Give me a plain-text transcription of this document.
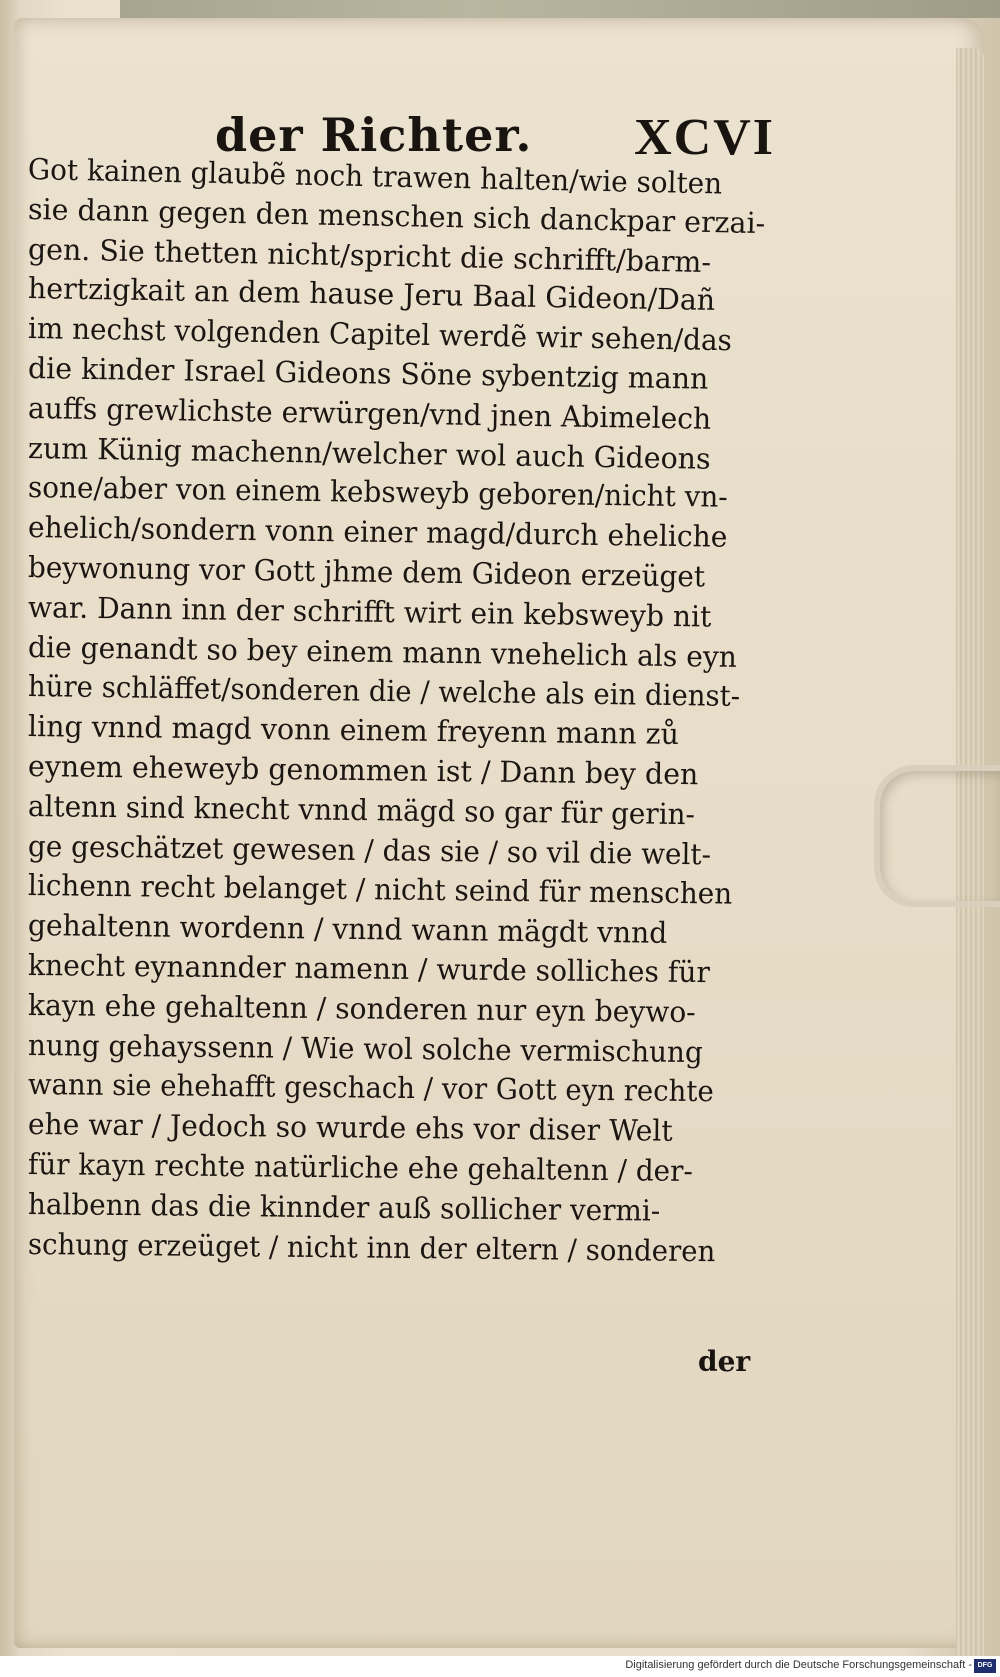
der Richter. XCVI
Got kainen glaubẽ noch trawen halten/wie solten
sie dann gegen den menschen sich danckpar erzai-
gen. Sie thetten nicht/spricht die schrifft/barm-
hertzigkait an dem hause Jeru Baal Gideon/Dañ
im nechst volgenden Capitel werdẽ wir sehen/das
die kinder Israel Gideons Söne sybentzig mann
auffs grewlichste erwürgen/vnd jnen Abimelech
zum Künig machenn/welcher wol auch Gideons
sone/aber von einem kebsweyb geboren/nicht vn-
ehelich/sondern vonn einer magd/durch eheliche
beywonung vor Gott jhme dem Gideon erzeüget
war. Dann inn der schrifft wirt ein kebsweyb nit
die genandt so bey einem mann vnehelich als eyn
hüre schläffet/sonderen die / welche als ein dienst-
ling vnnd magd vonn einem freyenn mann zů
eynem eheweyb genommen ist / Dann bey den
altenn sind knecht vnnd mägd so gar für gerin-
ge geschätzet gewesen / das sie / so vil die welt-
lichenn recht belanget / nicht seind für menschen
gehaltenn wordenn / vnnd wann mägdt vnnd
knecht eynannder namenn / wurde solliches für
kayn ehe gehaltenn / sonderen nur eyn beywo-
nung gehayssenn / Wie wol solche vermischung
wann sie ehehafft geschach / vor Gott eyn rechte
ehe war / Jedoch so wurde ehs vor diser Welt
für kayn rechte natürliche ehe gehaltenn / der-
halbenn das die kinnder auß sollicher vermi-
schung erzeüget / nicht inn der eltern / sonderen
der
Digitalisierung gefördert durch die Deutsche Forschungsgemeinschaft - DFG
